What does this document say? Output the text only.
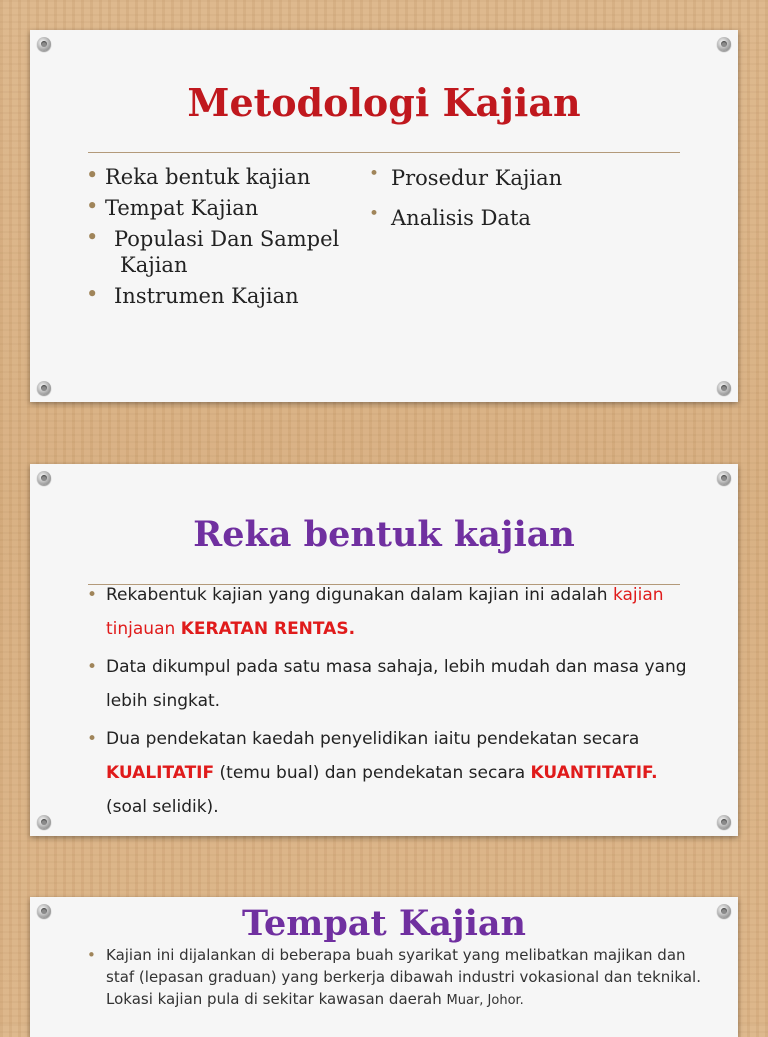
Metodologi Kajian
• Reka bentuk kajian
• Tempat Kajian
• Populasi Dan Sampel
Kajian
• Instrumen Kajian
• Prosedur Kajian
• Analisis Data
Reka bentuk kajian
• Rekabentuk kajian yang digunakan dalam kajian ini adalah kajian tinjauan KERATAN RENTAS.
• Data dikumpul pada satu masa sahaja, lebih mudah dan masa yang lebih singkat.
• Dua pendekatan kaedah penyelidikan iaitu pendekatan secara KUALITATIF (temu bual) dan pendekatan secara KUANTITATIF. (soal selidik).
Tempat Kajian
• Kajian ini dijalankan di beberapa buah syarikat yang melibatkan majikan dan staf (lepasan graduan) yang berkerja dibawah industri vokasional dan teknikal. Lokasi kajian pula di sekitar kawasan daerah Muar, Johor.
